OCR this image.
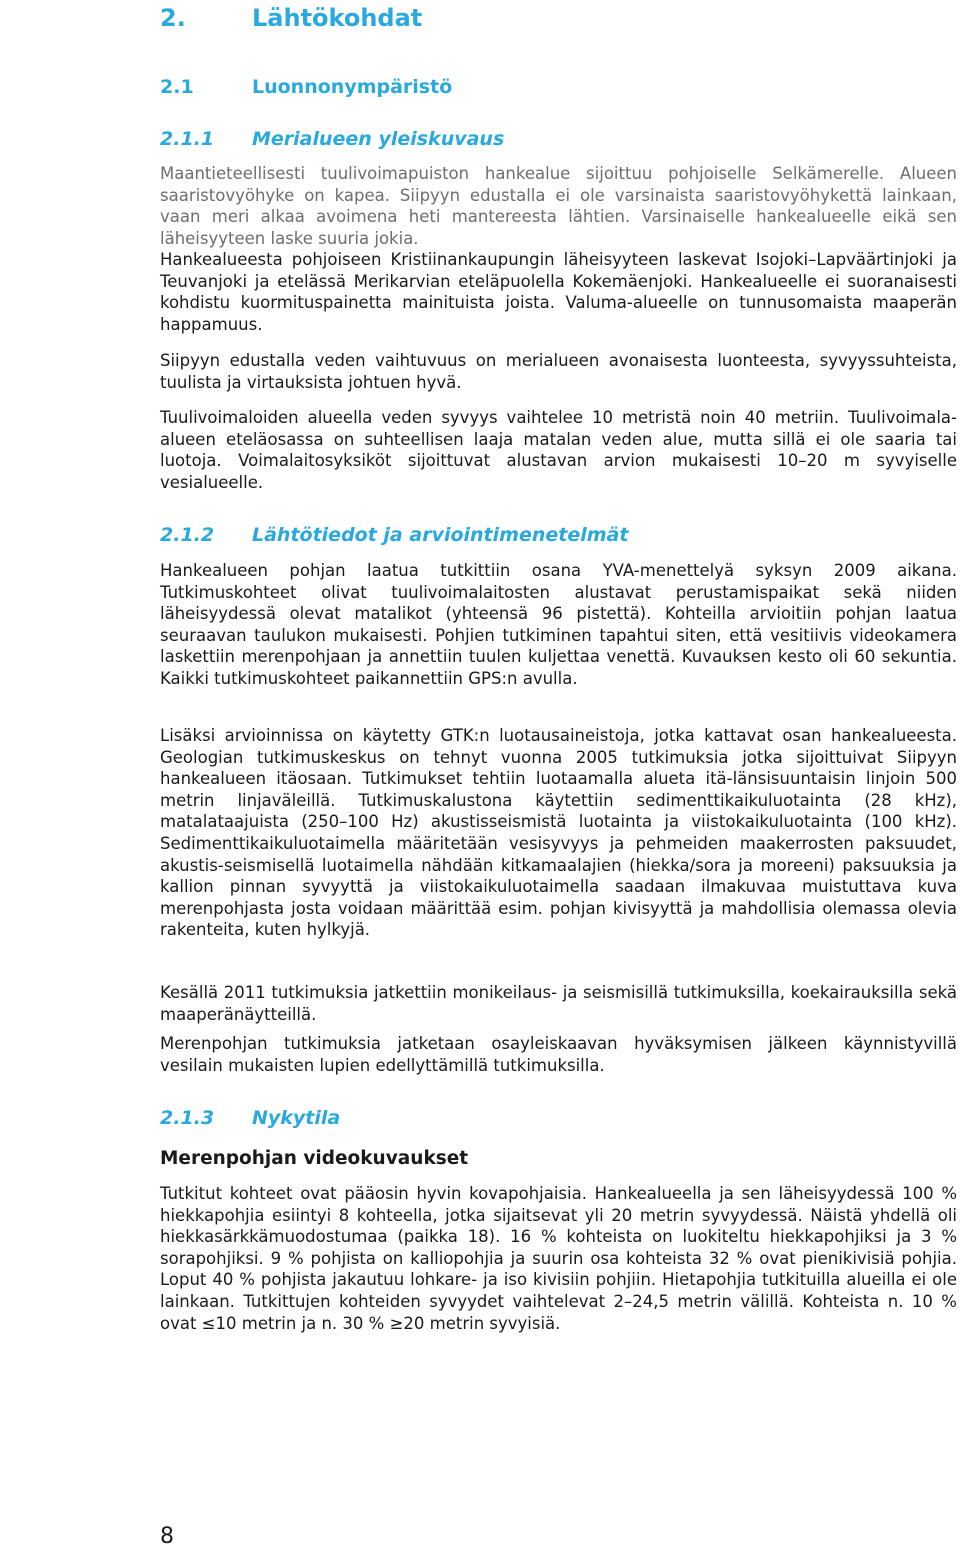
2.	Lähtökohdat
2.1	Luonnonympäristö
2.1.1 Merialueen yleiskuvaus
Maantieteellisesti tuulivoimapuiston hankealue sijoittuu pohjoiselle Selkämerelle. Alueen saaristovyöhyke on kapea. Siipyyn edustalla ei ole varsinaista saaristovyöhykettä lainkaan, vaan meri alkaa avoimena heti mantereesta lähtien. Varsinaiselle hankealueelle eikä sen läheisyyteen laske suuria jokia.
Hankealueesta pohjoiseen Kristiinankaupungin läheisyyteen laskevat Isojoki–Lapväärtinjoki ja Teuvanjoki ja etelässä Merikarvian eteläpuolella Kokemäenjoki. Hankealueelle ei suoranaisesti kohdistu kuormituspainetta mainituista joista. Valuma-alueelle on tunnusomaista maaperän happamuus.
Siipyyn edustalla veden vaihtuvuus on merialueen avonaisesta luonteesta, syvyyssuhteista, tuulista ja virtauksista johtuen hyvä.
Tuulivoimaloiden alueella veden syvyys vaihtelee 10 metristä noin 40 metriin. Tuulivoimala-alueen eteläosassa on suhteellisen laaja matalan veden alue, mutta sillä ei ole saaria tai luotoja. Voimalaitosyksiköt sijoittuvat alustavan arvion mukaisesti 10–20 m syvyiselle vesialueelle.
2.1.2 Lähtötiedot ja arviointimenetelmät
Hankealueen pohjan laatua tutkittiin osana YVA-menettelyä syksyn 2009 aikana. Tutkimuskohteet olivat tuulivoimalaitosten alustavat perustamispaikat sekä niiden läheisyydessä olevat matalikot (yhteensä 96 pistettä). Kohteilla arvioitiin pohjan laatua seuraavan taulukon mukaisesti. Pohjien tutkiminen tapahtui siten, että vesitiivis videokamera laskettiin merenpohjaan ja annettiin tuulen kuljettaa venettä. Kuvauksen kesto oli 60 sekuntia. Kaikki tutkimuskohteet paikannettiin GPS:n avulla.
Lisäksi arvioinnissa on käytetty GTK:n luotausaineistoja, jotka kattavat osan hankealueesta. Geologian tutkimuskeskus on tehnyt vuonna 2005 tutkimuksia jotka sijoittuivat Siipyyn hankealueen itäosaan. Tutkimukset tehtiin luotaamalla alueta itä-länsisuuntaisin linjoin 500 metrin linjaväleillä. Tutkimuskalustona käytettiin sedimenttikaikuluotainta (28 kHz), matalataajuista (250–100 Hz) akustisseismistä luotainta ja viistokaikuluotainta (100 kHz). Sedimenttikaikuluotaimella määritetään vesisyvyys ja pehmeiden maakerrosten paksuudet, akustis-seismisellä luotaimella nähdään kitkamaalajien (hiekka/sora ja moreeni) paksuuksia ja kallion pinnan syvyyttä ja viistokaikuluotaimella saadaan ilmakuvaa muistuttava kuva merenpohjasta josta voidaan määrittää esim. pohjan kivisyyttä ja mahdollisia olemassa olevia rakenteita, kuten hylkyjä.
Kesällä 2011 tutkimuksia jatkettiin monikeilaus- ja seismisillä tutkimuksilla, koekairauksilla sekä maaperänäytteillä.
Merenpohjan tutkimuksia jatketaan osayleiskaavan hyväksymisen jälkeen käynnistyvillä vesilain mukaisten lupien edellyttämillä tutkimuksilla.
2.1.3 Nykytila
Merenpohjan videokuvaukset
Tutkitut kohteet ovat pääosin hyvin kovapohjaisia. Hankealueella ja sen läheisyydessä 100 % hiekkapohjia esiintyi 8 kohteella, jotka sijaitsevat yli 20 metrin syvyydessä. Näistä yhdellä oli hiekkasärkkämuodostumaa (paikka 18). 16 % kohteista on luokiteltu hiekkapohjiksi ja 3 % sorapohjiksi. 9 % pohjista on kalliopohjia ja suurin osa kohteista 32 % ovat pienikivisiä pohjia. Loput 40 % pohjista jakautuu lohkare- ja iso kivisiin pohjiin. Hietapohjia tutkituilla alueilla ei ole lainkaan. Tutkittujen kohteiden syvyydet vaihtelevat 2–24,5 metrin välillä. Kohteista n. 10 % ovat ≤10 metrin ja n. 30 % ≥20 metrin syvyisiä.
8
